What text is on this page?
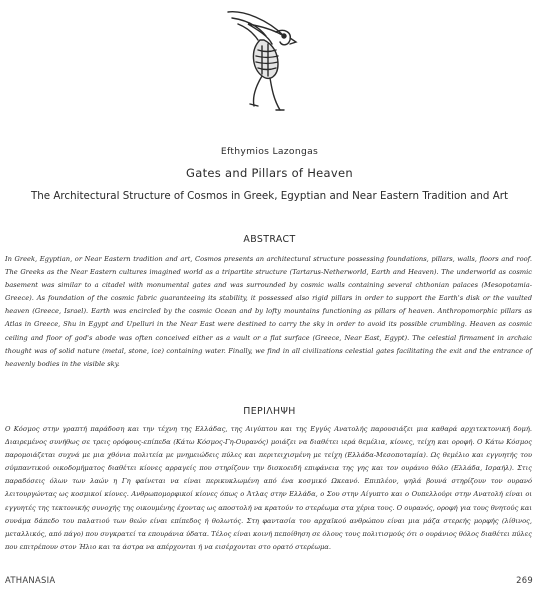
Efthymios Lazongas
Gates and Pillars of Heaven
The Architectural Structure of Cosmos in Greek, Egyptian and Near Eastern Tradition and Art
ABSTRACT

In Greek, Egyptian, or Near Eastern tradition and art, Cosmos presents an architectural structure possessing foundations, pillars, walls, floors and roof. The Greeks as the Near Eastern cultures imagined world as a tripartite structure (Tartarus-Netherworld, Earth and Heaven). The underworld as cosmic basement was similar to a citadel with monumental gates and was surrounded by cosmic walls containing several chthonian palaces (Mesopotamia-Greece). As foundation of the cosmic fabric guaranteeing its stability, it possessed also rigid pillars in order to support the Earth's disk or the vaulted heaven (Greece, Israel). Earth was encircled by the cosmic Ocean and by lofty mountains functioning as pillars of heaven. Anthropomorphic pillars as Atlas in Greece, Shu in Egypt and Upelluri in the Near East were destined to carry the sky in order to avoid its possible crumbling. Heaven as cosmic ceiling and floor of god's abode was often conceived either as a vault or a flat surface (Greece, Near East, Egypt). The celestial firmament in archaic thought was of solid nature (metal, stone, ice) containing water. Finally, we find in all civilizations celestial gates facilitating the exit and the entrance of heavenly bodies in the visible sky.

ΠΕΡΙΛΗΨΗ

Ο Κόσμος στην γραπτή παράδοση και την τέχνη της Ελλάδας, της Αιγύπτου και της Εγγύς Ανατολής παρουσιάζει μια καθαρά αρχιτεκτονική δομή. Διαιρεμένος συνήθως σε τρεις ορόφους-επίπεδα (Κάτω Κόσμος-Γη-Ουρανός) μοιάζει να διαθέτει ιερά θεμέλια, κίονες, τείχη και οροφή. Ο Κάτω Κόσμος παρομοιάζεται συχνά με μια χθόνια πολιτεία με μνημειώδεις πύλες και περιτειχισμένη με τείχη (Ελλάδα-Μεσοποταμία). Ως θεμέλιο και εγγυητής του σύμπαντικού οικοδομήματος διαθέτει κίονες αρραγείς που στηρίζουν την δισκοειδή επιφάνεια της γης και τον ουράνιο θόλο (Ελλάδα, Ισραήλ). Στις παραδόσεις όλων των λαών η Γη φαίνεται να είναι περικυκλωμένη από ένα κοσμικό Ωκεανό. Επιπλέον, ψηλά βουνά στηρίζουν τον ουρανό λειτουργώντας ως κοσμικοί κίονες. Ανθρωπομορφικοί κίονες όπως ο Άτλας στην Ελλάδα, ο Σου στην Αίγυπτο και ο Ουπελλούρι στην Ανατολή είναι οι εγγυητές της τεκτονικής συνοχής της οικουμένης έχοντας ως αποστολή να κρατούν το στερέωμα στα χέρια τους. Ο ουρανός, οροφή για τους θνητούς και συνάμα δάπεδο του παλατιού των θεών είναι επίπεδος ή θολωτός. Στη φαντασία του αρχαϊκού ανθρώπου είναι μια μάζα στερεής μορφής (λίθινος, μεταλλικός, από πάγο) που συγκρατεί τα επουράνια ύδατα. Τέλος είναι κοινή πεποίθηση σε όλους τους πολιτισμούς ότι ο ουράνιος θόλος διαθέτει πύλες που επιτρέπουν στον Ήλιο και τα άστρα να απέρχονται ή να εισέρχονται στο ορατό στερέωμα.

ATHANASIA	269
